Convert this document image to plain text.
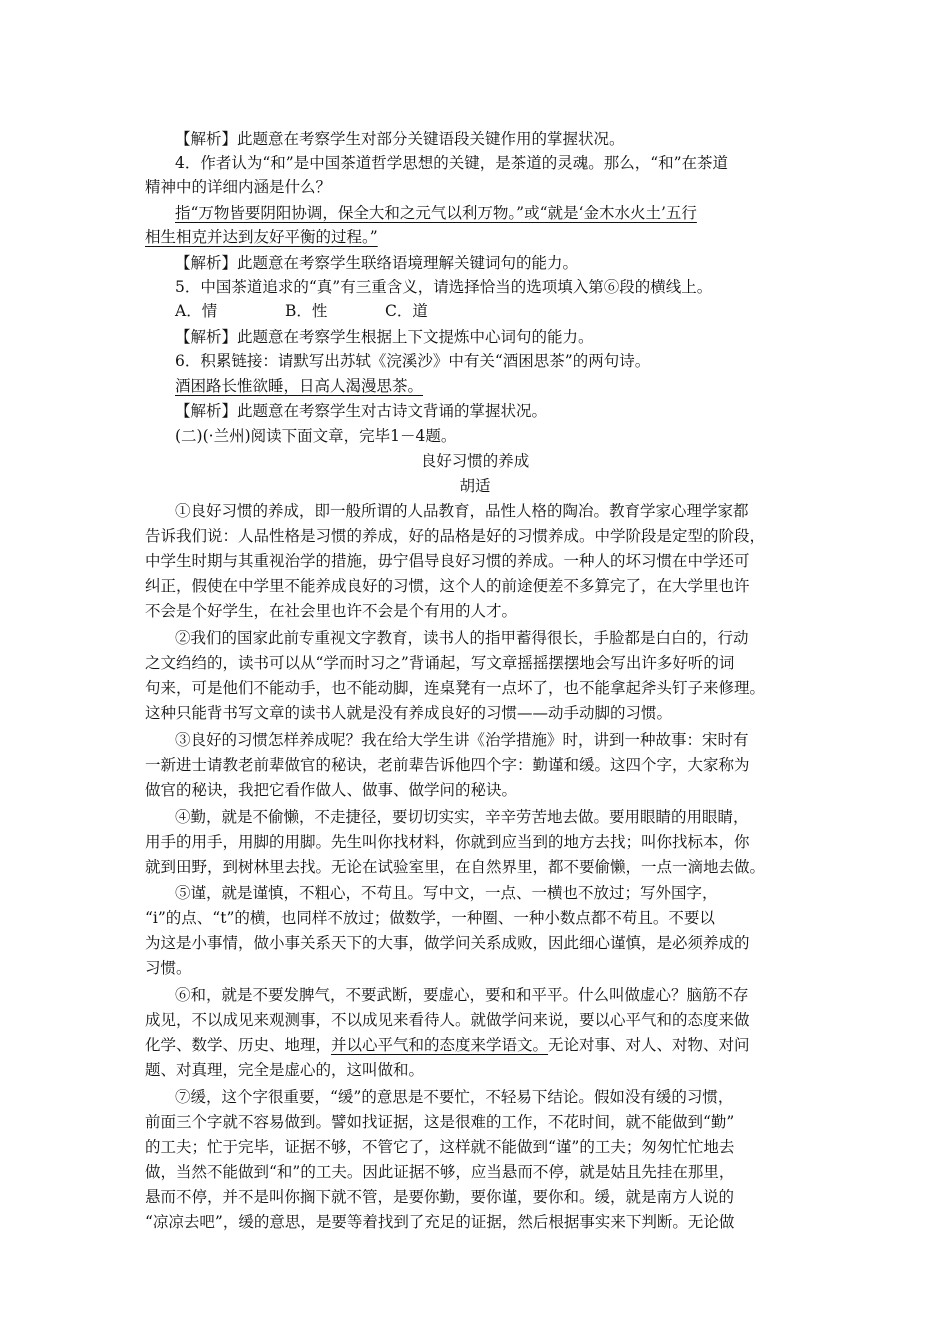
【解析】此题意在考察学生对部分关键语段关键作用的掌握状况。
4．作者认为“和”是中国茶道哲学思想的关键，是茶道的灵魂。那么，“和”在茶道
精神中的详细内涵是什么？
指“万物皆要阴阳协调，保全大和之元气以利万物。”或“就是‘金木水火土’五行
相生相克并达到友好平衡的过程。”
【解析】此题意在考察学生联络语境理解关键词句的能力。
5．中国茶道追求的“真”有三重含义，请选择恰当的选项填入第⑥段的横线上。
A．情	B．性	C．道
【解析】此题意在考察学生根据上下文提炼中心词句的能力。
6．积累链接：请默写出苏轼《浣溪沙》中有关“酒困思茶”的两句诗。
酒困路长惟欲睡，日高人渴漫思茶。
【解析】此题意在考察学生对古诗文背诵的掌握状况。
(二)(·兰州)阅读下面文章，完毕1－4题。
良好习惯的养成
胡适
①良好习惯的养成，即一般所谓的人品教育，品性人格的陶冶。教育学家心理学家都
告诉我们说：人品性格是习惯的养成，好的品格是好的习惯养成。中学阶段是定型的阶段，
中学生时期与其重视治学的措施，毋宁倡导良好习惯的养成。一种人的坏习惯在中学还可
纠正，假使在中学里不能养成良好的习惯，这个人的前途便差不多算完了，在大学里也许
不会是个好学生，在社会里也许不会是个有用的人才。
②我们的国家此前专重视文字教育，读书人的指甲蓄得很长，手脸都是白白的，行动
之文绉绉的，读书可以从“学而时习之”背诵起，写文章摇摇摆摆地会写出许多好听的词
句来，可是他们不能动手，也不能动脚，连桌凳有一点坏了，也不能拿起斧头钉子来修理。
这种只能背书写文章的读书人就是没有养成良好的习惯——动手动脚的习惯。
③良好的习惯怎样养成呢？我在给大学生讲《治学措施》时，讲到一种故事：宋时有
一新进士请教老前辈做官的秘诀，老前辈告诉他四个字：勤谨和缓。这四个字，大家称为
做官的秘诀，我把它看作做人、做事、做学问的秘诀。
④勤，就是不偷懒，不走捷径，要切切实实，辛辛劳苦地去做。要用眼睛的用眼睛，
用手的用手，用脚的用脚。先生叫你找材料，你就到应当到的地方去找；叫你找标本，你
就到田野，到树林里去找。无论在试验室里，在自然界里，都不要偷懒，一点一滴地去做。
⑤谨，就是谨慎，不粗心，不苟且。写中文，一点、一横也不放过；写外国字，
“i”的点、“t”的横，也同样不放过；做数学，一种圈、一种小数点都不苟且。不要以
为这是小事情，做小事关系天下的大事，做学问关系成败，因此细心谨慎，是必须养成的
习惯。
⑥和，就是不要发脾气，不要武断，要虚心，要和和平平。什么叫做虚心？脑筋不存
成见，不以成见来观测事，不以成见来看待人。就做学问来说，要以心平气和的态度来做
化学、数学、历史、地理，并以心平气和的态度来学语文。无论对事、对人、对物、对问
题、对真理，完全是虚心的，这叫做和。
⑦缓，这个字很重要，“缓”的意思是不要忙，不轻易下结论。假如没有缓的习惯，
前面三个字就不容易做到。譬如找证据，这是很难的工作，不花时间，就不能做到“勤”
的工夫；忙于完毕，证据不够，不管它了，这样就不能做到“谨”的工夫；匆匆忙忙地去
做，当然不能做到“和”的工夫。因此证据不够，应当悬而不停，就是姑且先挂在那里，
悬而不停，并不是叫你搁下就不管，是要你勤，要你谨，要你和。缓，就是南方人说的
“凉凉去吧”，缓的意思，是要等着找到了充足的证据，然后根据事实来下判断。无论做
